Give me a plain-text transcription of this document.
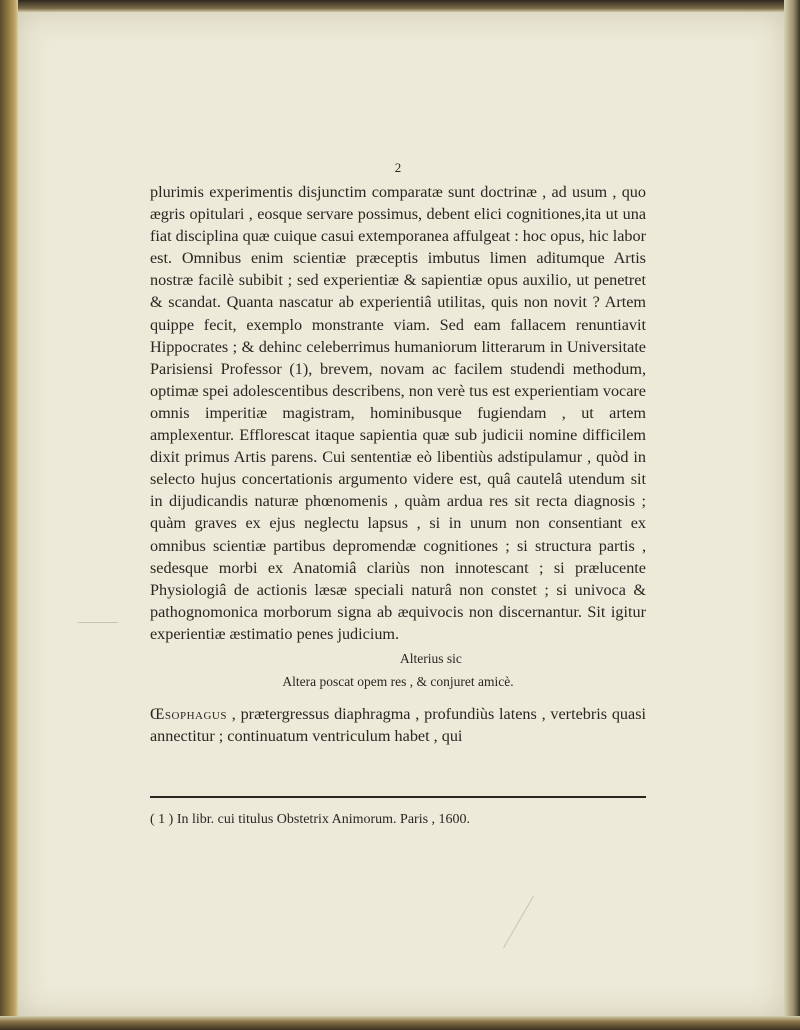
2

plurimis experimentis disjunctim comparatæ sunt doctrinæ , ad usum , quo ægris opitulari , eosque servare possimus, debent elici cognitiones,ita ut una fiat disciplina quæ cuique casui extemporanea affulgeat : hoc opus, hic labor est. Omnibus enim scientiæ præceptis imbutus limen aditumque Artis nostræ facilè subibit ; sed experientiæ & sapientiæ opus auxilio, ut penetret & scandat. Quanta nascatur ab experientiâ utilitas, quis non novit ? Artem quippe fecit, exemplo monstrante viam. Sed eam fallacem renuntiavit Hippocrates ; & dehinc celeberrimus humaniorum litterarum in Universitate Parisiensi Professor (1), brevem, novam ac facilem studendi methodum, optimæ spei adolescentibus describens, non verè tus est experientiam vocare omnis imperitiæ magistram, hominibusque fugiendam , ut artem amplexentur. Efflorescat itaque sapientia quæ sub judicii nomine difficilem dixit primus Artis parens. Cui sententiæ eò libentiùs adstipulamur , quòd in selecto hujus concertationis argumento videre est, quâ cautelâ utendum sit in dijudicandis naturæ phœnomenis , quàm ardua res sit recta diagnosis ; quàm graves ex ejus neglectu lapsus , si in unum non consentiant ex omnibus scientiæ partibus depromendæ cognitiones ; si structura partis , sedesque morbi ex Anatomiâ clariùs non innotescant ; si prælucente Physiologiâ de actionis læsæ speciali naturâ non constet ; si univoca & pathognomonica morborum signa ab æquivocis non discernantur. Sit igitur experientiæ æstimatio penes judicium.

Alterius sic

Altera poscat opem res , & conjuret amicè.

Œsophagus , prætergressus diaphragma , profundiùs latens , vertebris quasi annectitur ; continuatum ventriculum habet , qui

( 1 ) In libr. cui titulus Obstetrix Animorum. Paris , 1600.
